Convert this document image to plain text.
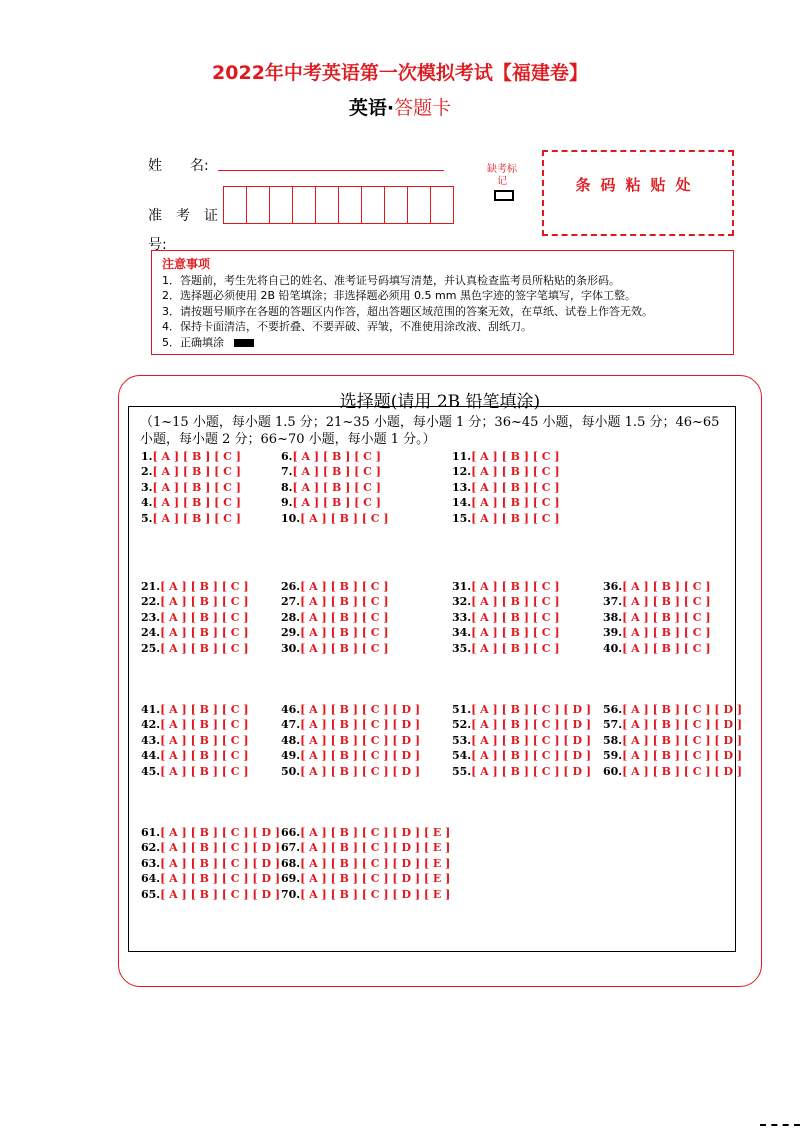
2022年中考英语第一次模拟考试【福建卷】
英语·答题卡
姓　　名:
准　考　证
号:
缺考标记	条码粘贴处
注意事项
1．答题前，考生先将自己的姓名、准考证号码填写清楚，并认真检查监考员所粘贴的条形码。
2．选择题必须使用 2B 铅笔填涂；非选择题必须用 0.5 mm 黑色字迹的签字笔填写，字体工整。
3．请按题号顺序在各题的答题区内作答，超出答题区域范围的答案无效，在草纸、试卷上作答无效。
4．保持卡面清洁，不要折叠、不要弄破、弄皱，不准使用涂改液、刮纸刀。
5．正确填涂
选择题(请用 2B 铅笔填涂)
（1~15 小题，每小题 1.5 分；21~35 小题，每小题 1 分；36~45 小题，每小题 1.5 分；46~65 小题，每小题 2 分；66~70 小题，每小题 1 分。）
1.[ A ] [ B ] [ C ]
2.[ A ] [ B ] [ C ]
3.[ A ] [ B ] [ C ]
4.[ A ] [ B ] [ C ]
5.[ A ] [ B ] [ C ]
6.[ A ] [ B ] [ C ]
7.[ A ] [ B ] [ C ]
8.[ A ] [ B ] [ C ]
9.[ A ] [ B ] [ C ]
10.[ A ] [ B ] [ C ]
11.[ A ] [ B ] [ C ]
12.[ A ] [ B ] [ C ]
13.[ A ] [ B ] [ C ]
14.[ A ] [ B ] [ C ]
15.[ A ] [ B ] [ C ]
21.[ A ] [ B ] [ C ]
22.[ A ] [ B ] [ C ]
23.[ A ] [ B ] [ C ]
24.[ A ] [ B ] [ C ]
25.[ A ] [ B ] [ C ]
26.[ A ] [ B ] [ C ]
27.[ A ] [ B ] [ C ]
28.[ A ] [ B ] [ C ]
29.[ A ] [ B ] [ C ]
30.[ A ] [ B ] [ C ]
31.[ A ] [ B ] [ C ]
32.[ A ] [ B ] [ C ]
33.[ A ] [ B ] [ C ]
34.[ A ] [ B ] [ C ]
35.[ A ] [ B ] [ C ]
36.[ A ] [ B ] [ C ]
37.[ A ] [ B ] [ C ]
38.[ A ] [ B ] [ C ]
39.[ A ] [ B ] [ C ]
40.[ A ] [ B ] [ C ]
41.[ A ] [ B ] [ C ]
42.[ A ] [ B ] [ C ]
43.[ A ] [ B ] [ C ]
44.[ A ] [ B ] [ C ]
45.[ A ] [ B ] [ C ]
46.[ A ] [ B ] [ C ] [ D ]
47.[ A ] [ B ] [ C ] [ D ]
48.[ A ] [ B ] [ C ] [ D ]
49.[ A ] [ B ] [ C ] [ D ]
50.[ A ] [ B ] [ C ] [ D ]
51.[ A ] [ B ] [ C ] [ D ]
52.[ A ] [ B ] [ C ] [ D ]
53.[ A ] [ B ] [ C ] [ D ]
54.[ A ] [ B ] [ C ] [ D ]
55.[ A ] [ B ] [ C ] [ D ]
56.[ A ] [ B ] [ C ] [ D ]
57.[ A ] [ B ] [ C ] [ D ]
58.[ A ] [ B ] [ C ] [ D ]
59.[ A ] [ B ] [ C ] [ D ]
60.[ A ] [ B ] [ C ] [ D ]
61.[ A ] [ B ] [ C ] [ D ]
62.[ A ] [ B ] [ C ] [ D ]
63.[ A ] [ B ] [ C ] [ D ]
64.[ A ] [ B ] [ C ] [ D ]
65.[ A ] [ B ] [ C ] [ D ]
66.[ A ] [ B ] [ C ] [ D ] [ E ]
67.[ A ] [ B ] [ C ] [ D ] [ E ]
68.[ A ] [ B ] [ C ] [ D ] [ E ]
69.[ A ] [ B ] [ C ] [ D ] [ E ]
70.[ A ] [ B ] [ C ] [ D ] [ E ]
